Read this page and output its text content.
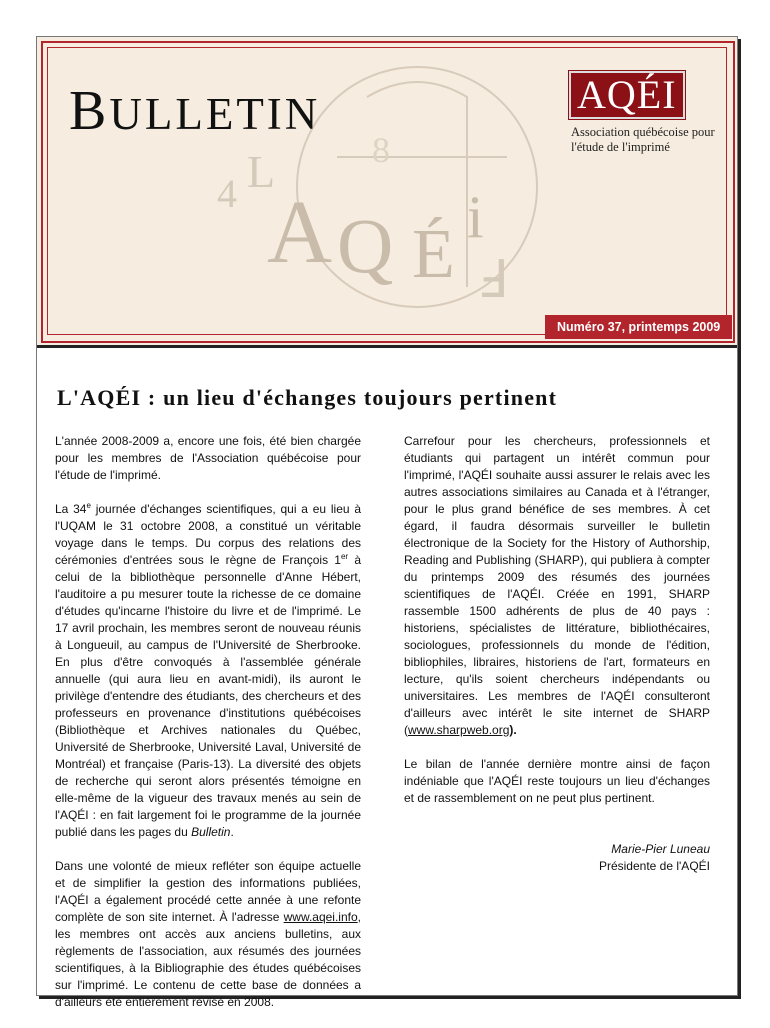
A Q É i
L
4
Ⅎ
8
BULLETIN	AQÉI
Association québécoise pour
l'étude de l'imprimé
Numéro 37, printemps 2009
L'AQÉI : un lieu d'échanges toujours pertinent

L'année 2008-2009 a, encore une fois, été bien chargée pour les membres de l'Association québécoise pour l'étude de l'imprimé.

La 34e journée d'échanges scientifiques, qui a eu lieu à l'UQAM le 31 octobre 2008, a constitué un véritable voyage dans le temps. Du corpus des relations des cérémonies d'entrées sous le règne de François 1er à celui de la bibliothèque personnelle d'Anne Hébert, l'auditoire a pu mesurer toute la richesse de ce domaine d'études qu'incarne l'histoire du livre et de l'imprimé. Le 17 avril prochain, les membres seront de nouveau réunis à Longueuil, au campus de l'Université de Sherbrooke. En plus d'être convoqués à l'assemblée générale annuelle (qui aura lieu en avant-midi), ils auront le privilège d'entendre des étudiants, des chercheurs et des professeurs en provenance d'institutions québécoises (Bibliothèque et Archives nationales du Québec, Université de Sherbrooke, Université Laval, Université de Montréal) et française (Paris-13). La diversité des objets de recherche qui seront alors présentés témoigne en elle-même de la vigueur des travaux menés au sein de l'AQÉI : en fait largement foi le programme de la journée publié dans les pages du Bulletin.

Dans une volonté de mieux refléter son équipe actuelle et de simplifier la gestion des informations publiées, l'AQÉI a également procédé cette année à une refonte complète de son site internet. À l'adresse www.aqei.info, les membres ont accès aux anciens bulletins, aux règlements de l'association, aux résumés des journées scientifiques, à la Bibliographie des études québécoises sur l'imprimé. Le contenu de cette base de données a d'ailleurs été entièrement révisé en 2008.

Carrefour pour les chercheurs, professionnels et étudiants qui partagent un intérêt commun pour l'imprimé, l'AQÉI souhaite aussi assurer le relais avec les autres associations similaires au Canada et à l'étranger, pour le plus grand bénéfice de ses membres. À cet égard, il faudra désormais surveiller le bulletin électronique de la Society for the History of Authorship, Reading and Publishing (SHARP), qui publiera à compter du printemps 2009 des résumés des journées scientifiques de l'AQÉI. Créée en 1991, SHARP rassemble 1500 adhérents de plus de 40 pays : historiens, spécialistes de littérature, bibliothécaires, sociologues, professionnels du monde de l'édition, bibliophiles, libraires, historiens de l'art, formateurs en lecture, qu'ils soient chercheurs indépendants ou universitaires. Les membres de l'AQÉI consulteront d'ailleurs avec intérêt le site internet de SHARP (www.sharpweb.org).

Le bilan de l'année dernière montre ainsi de façon indéniable que l'AQÉI reste toujours un lieu d'échanges et de rassemblement on ne peut plus pertinent.

Marie-Pier Luneau
Présidente de l'AQÉI
